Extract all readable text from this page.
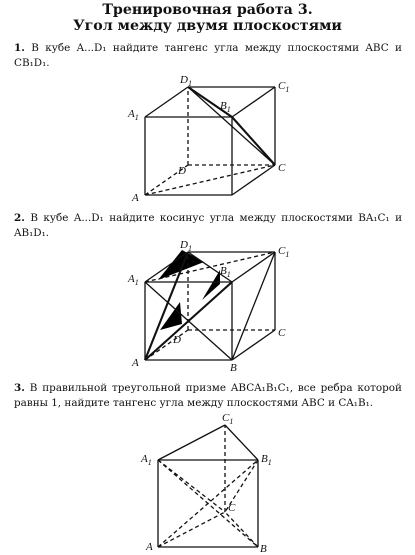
Тренировочная работа 3.
Угол между двумя плоскостями
1. В кубе A...D₁ найдите тангенс угла между плоскостями ABC и CB₁D₁.
A
$A_1$
$D_1$
$B_1$
$C_1$
D	C
2. В кубе A...D₁ найдите косинус угла между плоскостями BA₁C₁ и AB₁D₁.
A	B
$A_1$
$D_1$
$B_1$
$C_1$
D
C
3. В правильной треугольной призме ABCA₁B₁C₁, все ребра которой равны 1, найдите тангенс угла между плоскостями ABC и CA₁B₁.
A	B
C
$A_1$	$B_1$
$C_1$
